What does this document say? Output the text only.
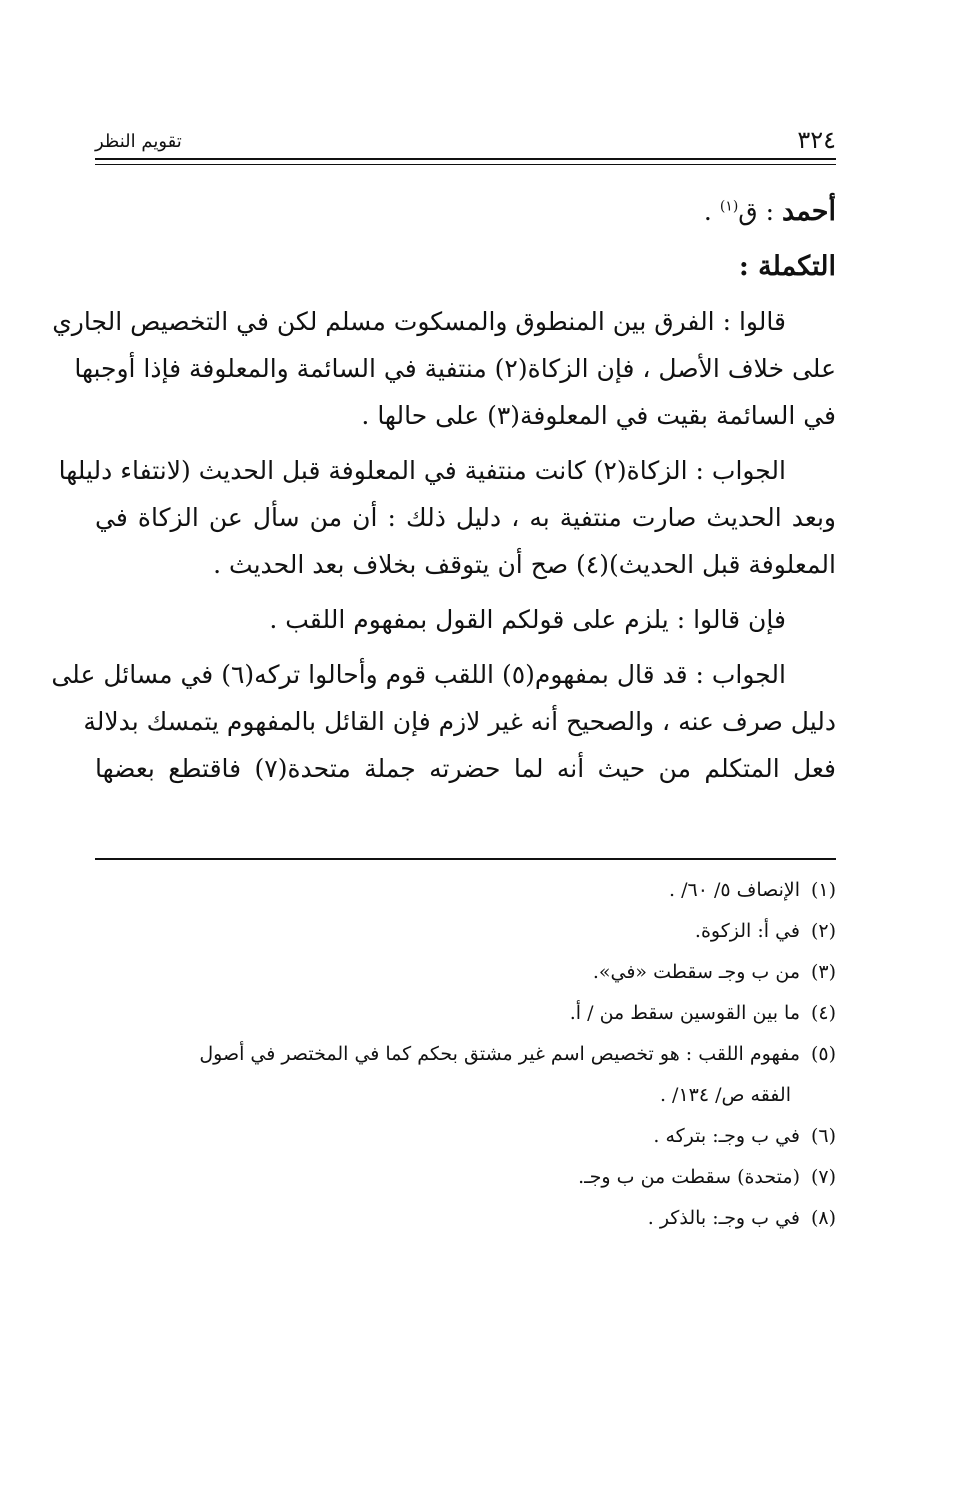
٣٢٤
تقويم النظر
أحمد : ق$^{(١)}$ .
التكملة :
قالوا : الفرق بين المنطوق والمسكوت مسلم لكن في التخصيص الجاري
على خلاف الأصل ، فإن الزكاة(٢) منتفية في السائمة والمعلوفة فإذا أوجبها
في السائمة بقيت في المعلوفة(٣) على حالها .
الجواب : الزكاة(٢) كانت منتفية في المعلوفة قبل الحديث (لانتفاء دليلها
وبعد الحديث صارت منتفية به ، دليل ذلك : أن من سأل عن الزكاة في
المعلوفة قبل الحديث)(٤) صح أن يتوقف بخلاف بعد الحديث .
فإن قالوا : يلزم على قولكم القول بمفهوم اللقب .
الجواب : قد قال بمفهوم(٥) اللقب قوم وأحالوا تركه(٦) في مسائل على
دليل صرف عنه ، والصحيح أنه غير لازم فإن القائل بالمفهوم يتمسك بدلالة
فعل المتكلم من حيث أنه لما حضرته جملة متحدة(٧) فاقتطع بعضها
(١)الإنصاف ٥/ ٦٠/ .
(٢)في أ: الزكوة.
(٣)من ب وجـ سقطت «في».
(٤)ما بين القوسين سقط من / أ.
(٥)مفهوم اللقب : هو تخصيص اسم غير مشتق بحكم كما في المختصر في أصول
الفقه ص/ ١٣٤/ .
(٦)في ب وجـ: بتركه .
(٧)(متحدة) سقطت من ب وجـ.
(٨)في ب وجـ: بالذكر .
